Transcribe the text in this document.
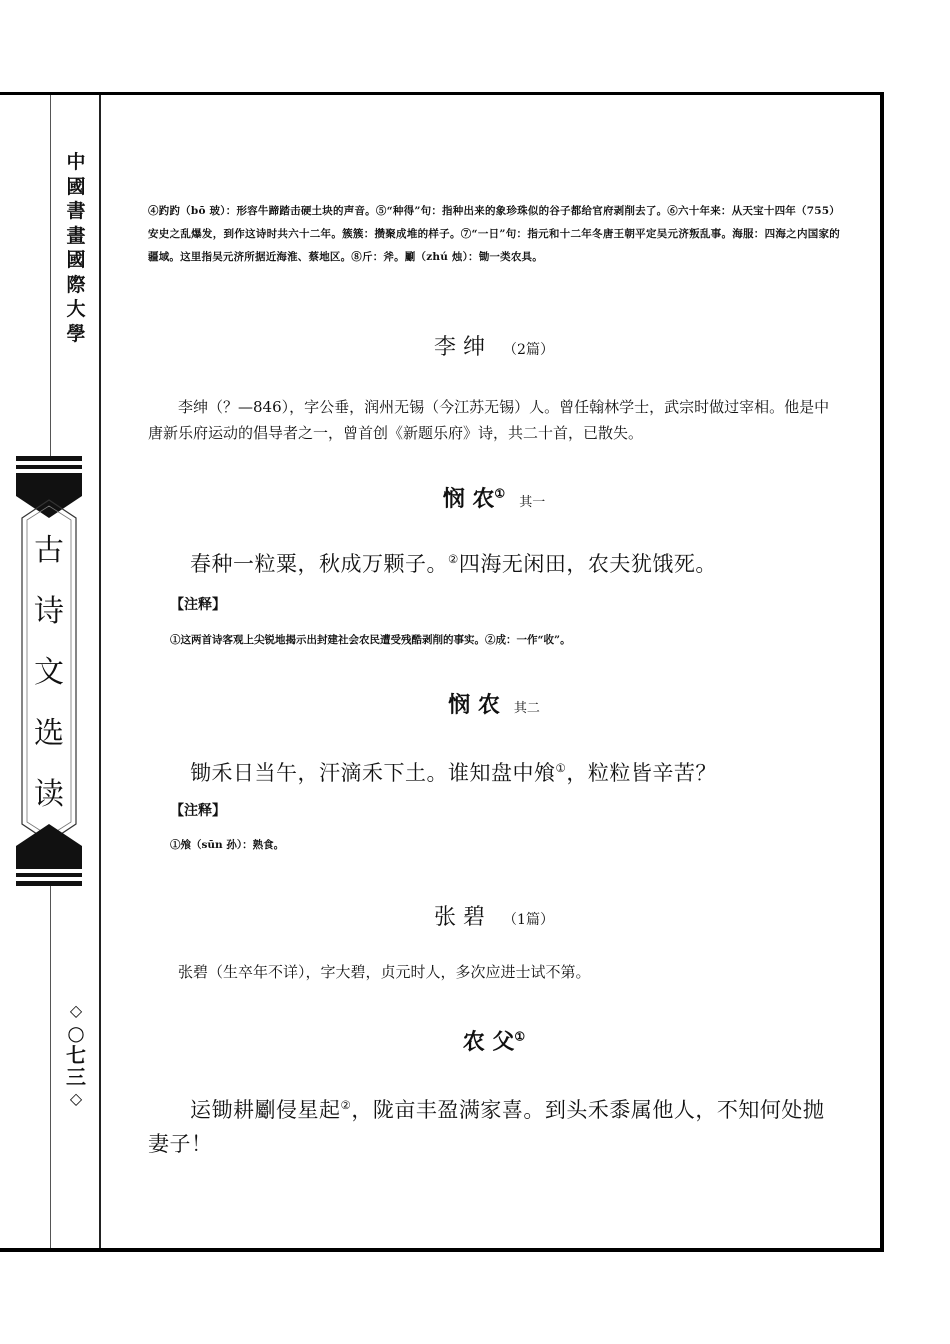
中
國
書
畫
國
際
大
學
古
诗
文
选
读
◇
○
七
三
◇

④趵趵（bō 玻）：形容牛蹄踏击硬土块的声音。⑤“种得”句：指种出来的象珍珠似的谷子都给官府剥削去了。⑥六十年来：从天宝十四年（755）安史之乱爆发，到作这诗时共六十二年。簇簇：攒聚成堆的样子。⑦“一日”句：指元和十二年冬唐王朝平定吴元济叛乱事。海服：四海之内国家的疆域。这里指吴元济所据近海淮、蔡地区。⑧斤：斧。劚（zhú 烛）：锄一类农具。

李 绅 （2篇）

李绅（？—846），字公垂，润州无锡（今江苏无锡）人。曾任翰林学士，武宗时做过宰相。他是中唐新乐府运动的倡导者之一，曾首创《新题乐府》诗，共二十首，已散失。

悯 农①其一

春种一粒粟，秋成万颗子。②四海无闲田，农夫犹饿死。

【注释】
①这两首诗客观上尖锐地揭示出封建社会农民遭受残酷剥削的事实。②成：一作“收”。
悯 农 其二

锄禾日当午，汗滴禾下土。谁知盘中飧①，粒粒皆辛苦？

【注释】
①飧（sūn 孙）：熟食。
张 碧 （1篇）

张碧（生卒年不详），字大碧，贞元时人，多次应进士试不第。

农 父①

运锄耕劚侵星起②，陇亩丰盈满家喜。到头禾黍属他人，不知何处抛妻子！
